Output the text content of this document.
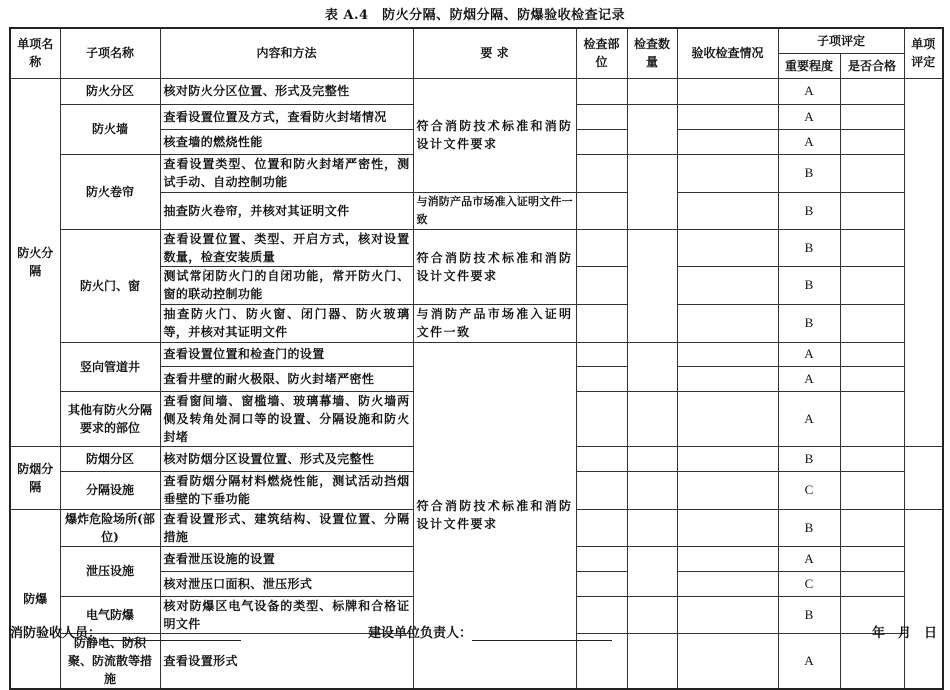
表 A.4　防火分隔、防烟分隔、防爆验收检查记录
单项名称	子项名称	内容和方法	要 求	检查部位	检查数量	验收检查情况	子项评定		单项评定
							重要程度	是否合格	
防火分隔	防火分区	核对防火分区位置、形式及完整性	符合消防技术标准和消防设计文件要求				A		
	防火墙	查看设置位置及方式，查看防火封堵情况					A		
		核查墙的燃烧性能					A		
	防火卷帘	查看设置类型、位置和防火封堵严密性，测试手动、自动控制功能					B		
		抽查防火卷帘，并核对其证明文件	与消防产品市场准入证明文件一致				B		
	防火门、窗	查看设置位置、类型、开启方式，核对设置数量，检查安装质量	符合消防技术标准和消防设计文件要求				B		
		测试常闭防火门的自闭功能，常开防火门、窗的联动控制功能					B		
		抽查防火门、防火窗、闭门器、防火玻璃等，并核对其证明文件	与消防产品市场准入证明文件一致				B		
	竖向管道井	查看设置位置和检查门的设置	符合消防技术标准和消防设计文件要求				A		
		查看井壁的耐火极限、防火封堵严密性					A		
	其他有防火分隔要求的部位	查看窗间墙、窗槛墙、玻璃幕墙、防火墙两侧及转角处洞口等的设置、分隔设施和防火封堵					A		
防烟分隔	防烟分区	核对防烟分区设置位置、形式及完整性					B		
	分隔设施	查看防烟分隔材料燃烧性能，测试活动挡烟垂壁的下垂功能					C		
防爆	爆炸危险场所(部位)	查看设置形式、建筑结构、设置位置、分隔措施					B		
	泄压设施	查看泄压设施的设置					A		
		核对泄压口面积、泄压形式					C		
	电气防爆	核对防爆区电气设备的类型、标牌和合格证明文件					B		
	防静电、防积聚、防流散等措施	查看设置形式					A		
消防验收人员：	建设单位负责人：	年　月　日
